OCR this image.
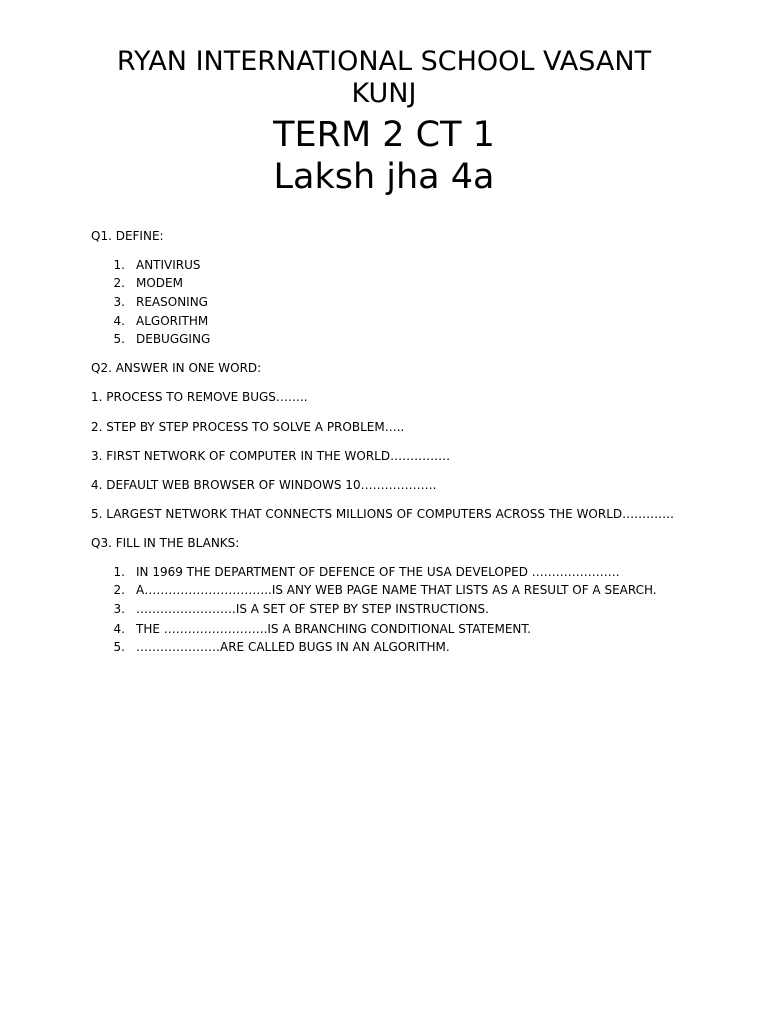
RYAN INTERNATIONAL SCHOOL VASANT KUNJ
TERM 2 CT 1
Laksh jha 4a
Q1. DEFINE:
1. ANTIVIRUS
2. MODEM
3. REASONING
4. ALGORITHM
5. DEBUGGING
Q2. ANSWER IN ONE WORD:
1. PROCESS TO REMOVE BUGS……..
2. STEP BY STEP PROCESS TO SOLVE A PROBLEM…..
3. FIRST NETWORK OF COMPUTER IN THE WORLD……………
4. DEFAULT WEB BROWSER OF WINDOWS 10……………….
5. LARGEST NETWORK THAT CONNECTS MILLIONS OF COMPUTERS ACROSS THE WORLD………….
Q3. FILL IN THE BLANKS:
1. IN 1969 THE DEPARTMENT OF DEFENCE OF THE USA DEVELOPED ………………….
2. A…………………………..IS ANY WEB PAGE NAME THAT LISTS AS A RESULT OF A SEARCH.
3. …………………….IS A SET OF STEP BY STEP INSTRUCTIONS.
4. THE ……………………..IS A BRANCHING CONDITIONAL STATEMENT.
5. …………………ARE CALLED BUGS IN AN ALGORITHM.
